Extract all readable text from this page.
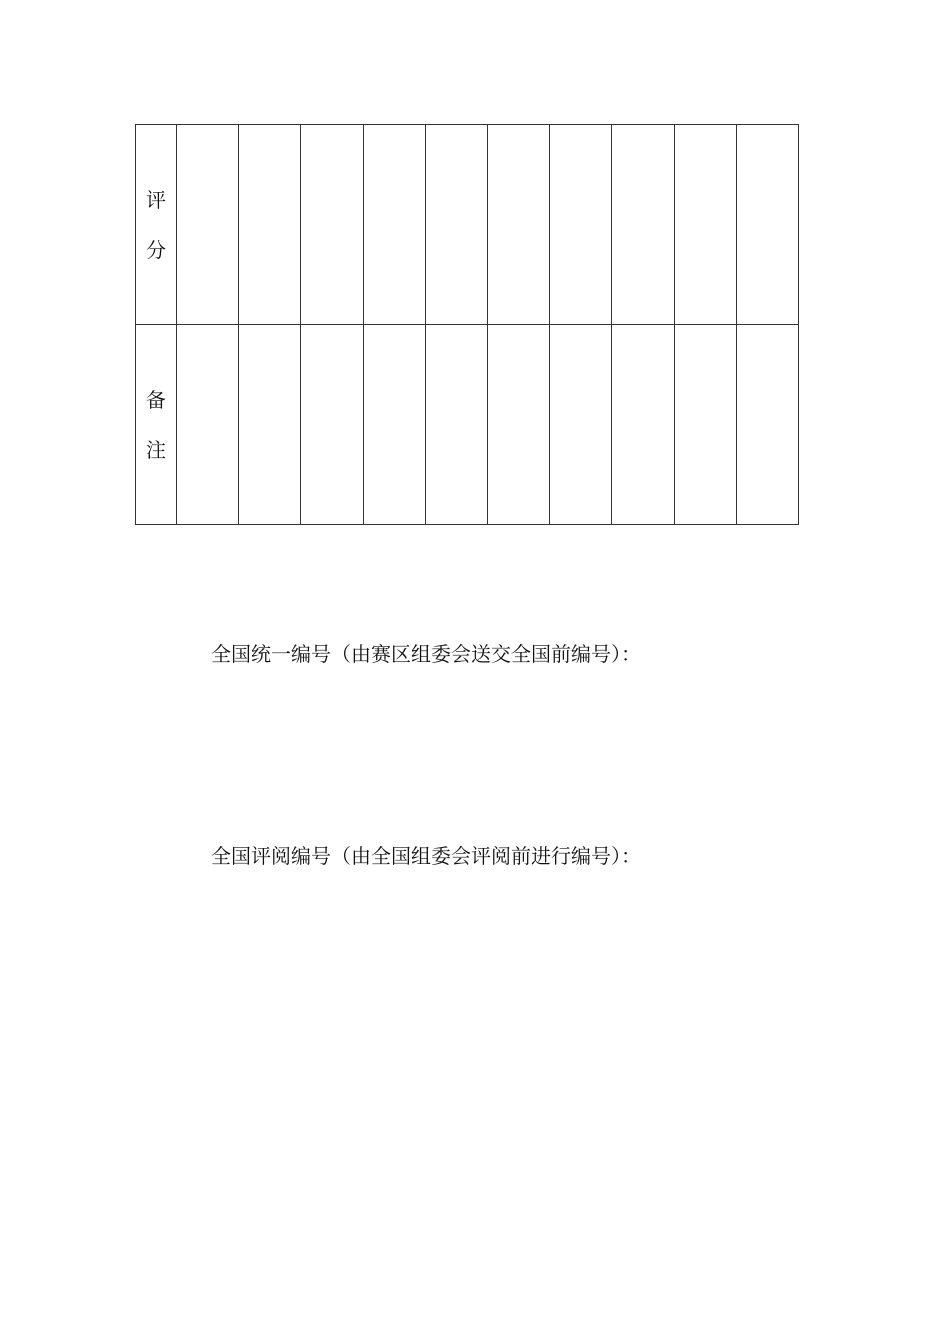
评分										
备注										
全国统一编号（由赛区组委会送交全国前编号）：
全国评阅编号（由全国组委会评阅前进行编号）：
